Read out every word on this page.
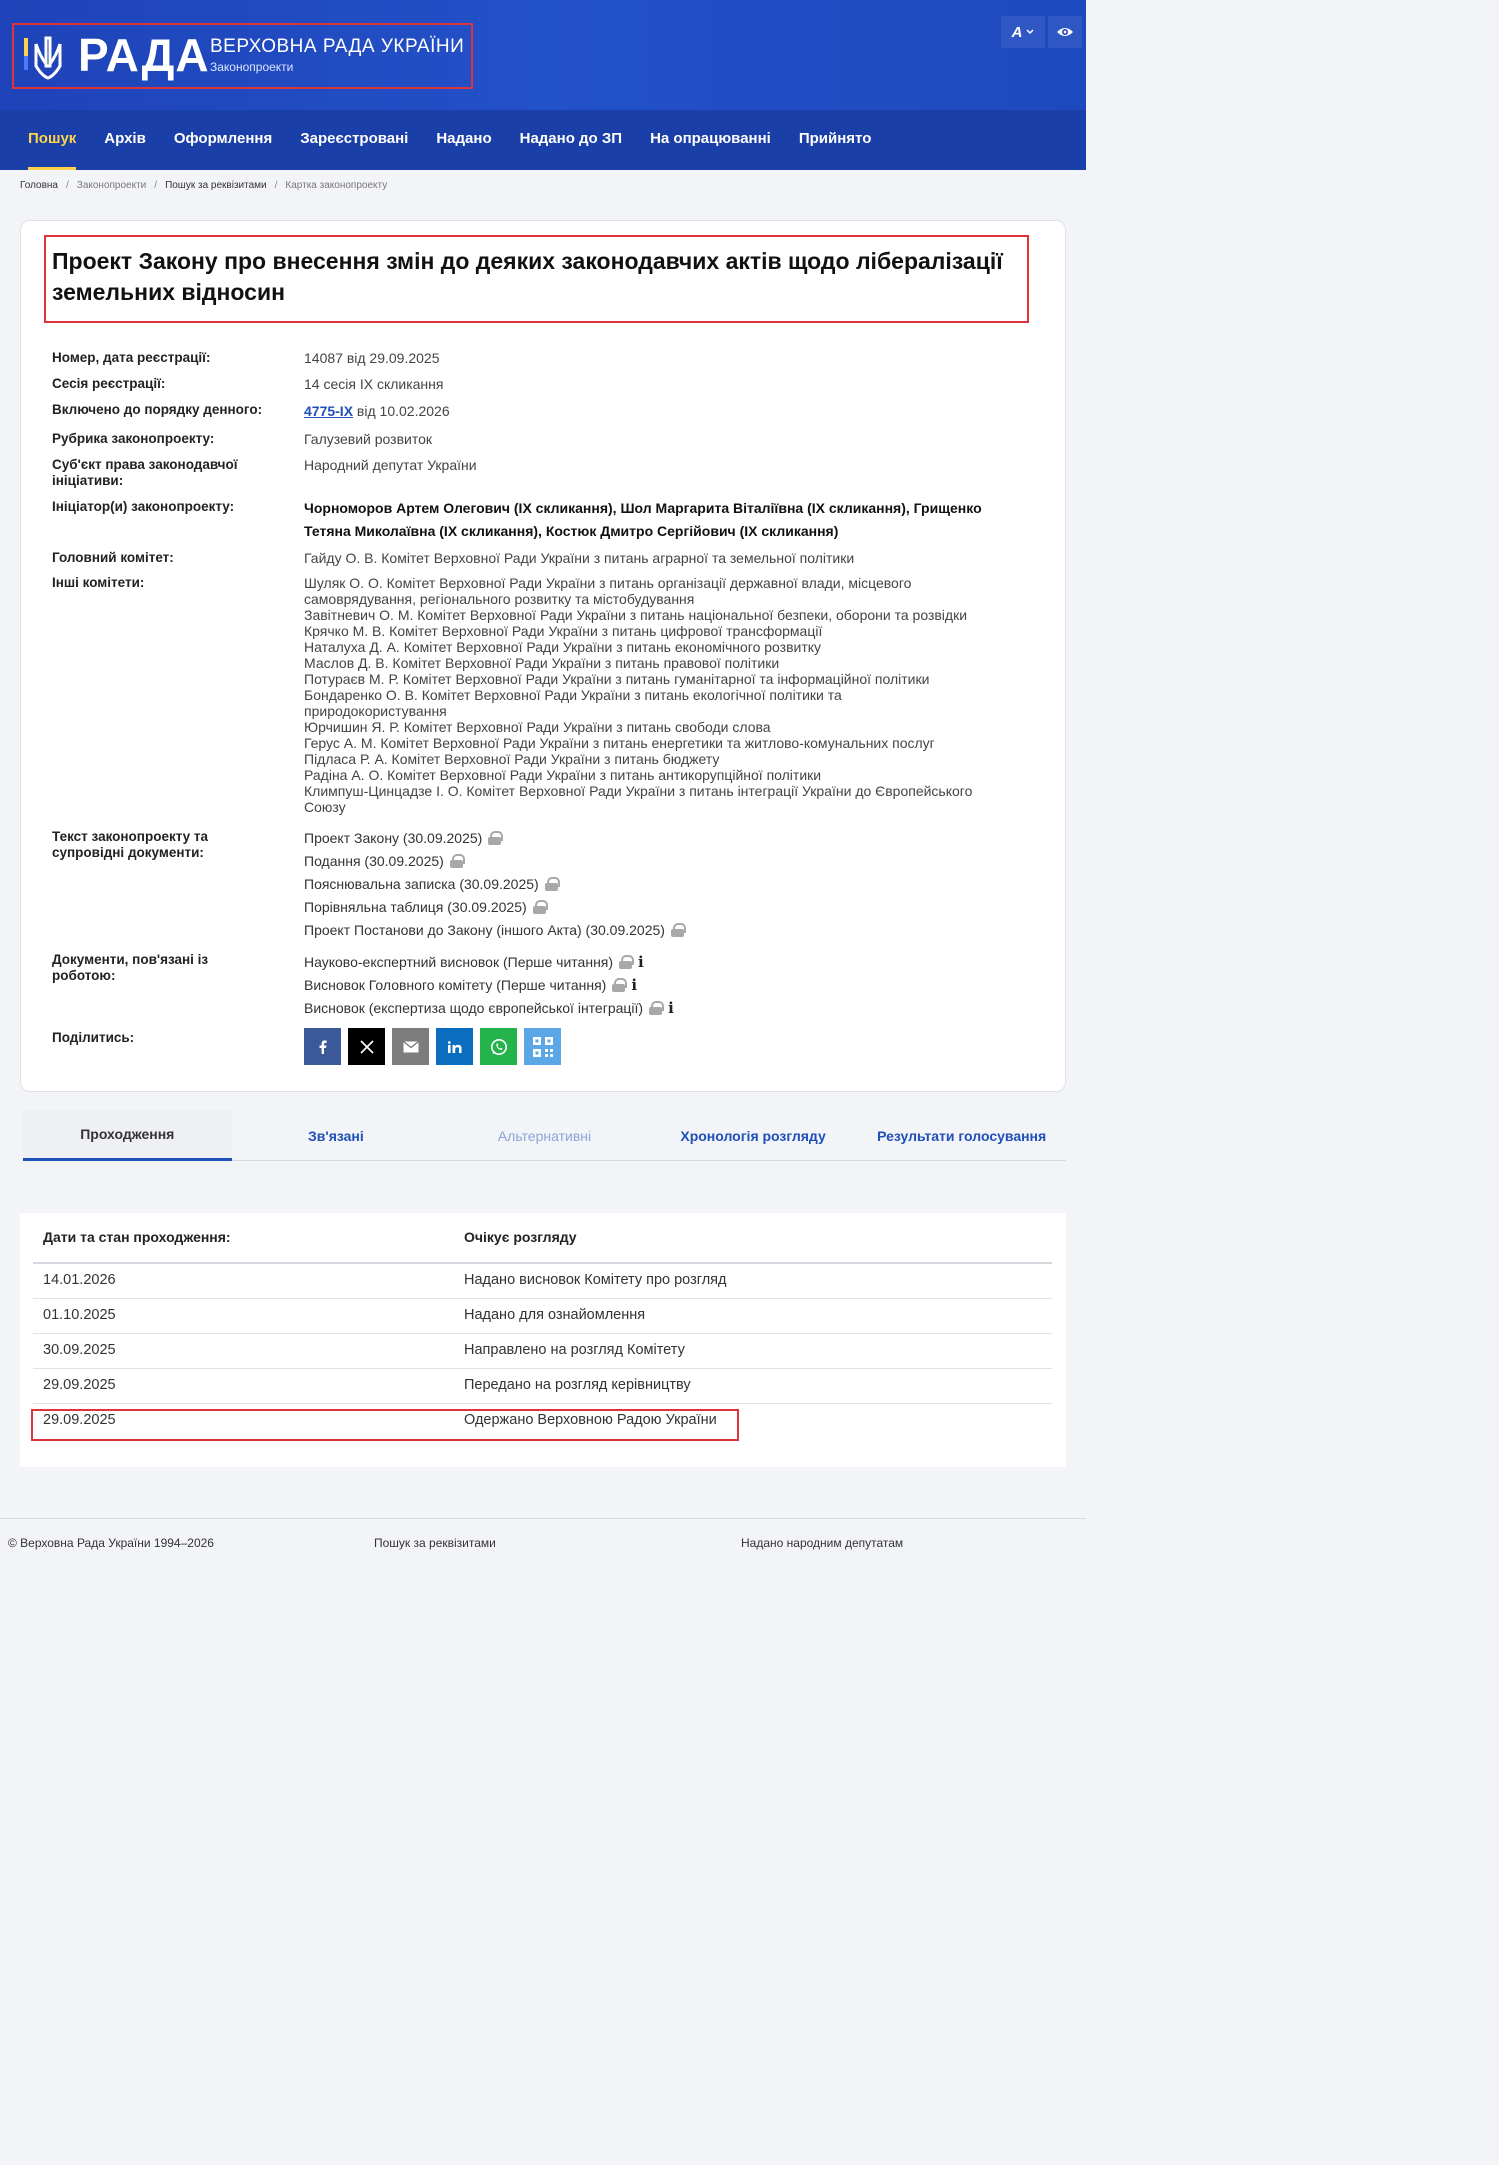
РАДА ВЕРХОВНА РАДА УКРАЇНИ
Законопроекти
A
Пошук	Архів	Оформлення	Зареєстровані	Надано	Надано до ЗП	На опрацюванні	Прийнято
Головна / Законопроекти / Пошук за реквізитами / Картка законопроекту
Проект Закону про внесення змін до деяких законодавчих актів щодо лібералізації земельних відносин
Номер, дата реєстрації:	14087 від 29.09.2025
Сесія реєстрації:	14 сесія IX скликання
Включено до порядку денного:	4775-IX від 10.02.2026
Рубрика законопроекту:	Галузевий розвиток
Суб'єкт права законодавчої
ініціативи:
Народний депутат України
Ініціатор(и) законопроекту:	Чорноморов Артем Олегович (IX скликання), Шол Маргарита Віталіївна (IX скликання), Грищенко
Тетяна Миколаївна (IX скликання), Костюк Дмитро Сергійович (IX скликання)
Головний комітет:	Гайду О. В. Комітет Верховної Ради України з питань аграрної та земельної політики
Інші комітети:	Шуляк О. О. Комітет Верховної Ради України з питань організації державної влади, місцевого
самоврядування, регіонального розвитку та містобудування
Завітневич О. М. Комітет Верховної Ради України з питань національної безпеки, оборони та розвідки
Крячко М. В. Комітет Верховної Ради України з питань цифрової трансформації
Наталуха Д. А. Комітет Верховної Ради України з питань економічного розвитку
Маслов Д. В. Комітет Верховної Ради України з питань правової політики
Потураєв М. Р. Комітет Верховної Ради України з питань гуманітарної та інформаційної політики
Бондаренко О. В. Комітет Верховної Ради України з питань екологічної політики та
природокористування
Юрчишин Я. Р. Комітет Верховної Ради України з питань свободи слова
Герус А. М. Комітет Верховної Ради України з питань енергетики та житлово-комунальних послуг
Підласа Р. А. Комітет Верховної Ради України з питань бюджету
Радіна А. О. Комітет Верховної Ради України з питань антикорупційної політики
Климпуш-Цинцадзе І. О. Комітет Верховної Ради України з питань інтеграції України до Європейського
Союзу
Текст законопроекту та
супровідні документи:
Проект Закону (30.09.2025)
Подання (30.09.2025)
Пояснювальна записка (30.09.2025)
Порівняльна таблиця (30.09.2025)
Проект Постанови до Закону (іншого Акта) (30.09.2025)
Документи, пов'язані із
роботою:
Науково-експертний висновок (Перше читання) i
Висновок Головного комітету (Перше читання) i
Висновок (експертиза щодо європейської інтеграції) i
Поділитись:
Проходження	Зв'язані	Альтернативні	Хронологія розгляду	Результати голосування
Дати та стан проходження:	Очікує розгляду
14.01.2026	Надано висновок Комітету про розгляд
01.10.2025	Надано для ознайомлення
30.09.2025	Направлено на розгляд Комітету
29.09.2025	Передано на розгляд керівництву
29.09.2025	Одержано Верховною Радою України
© Верховна Рада України 1994–2026	Пошук за реквізитами	Надано народним депутатам
